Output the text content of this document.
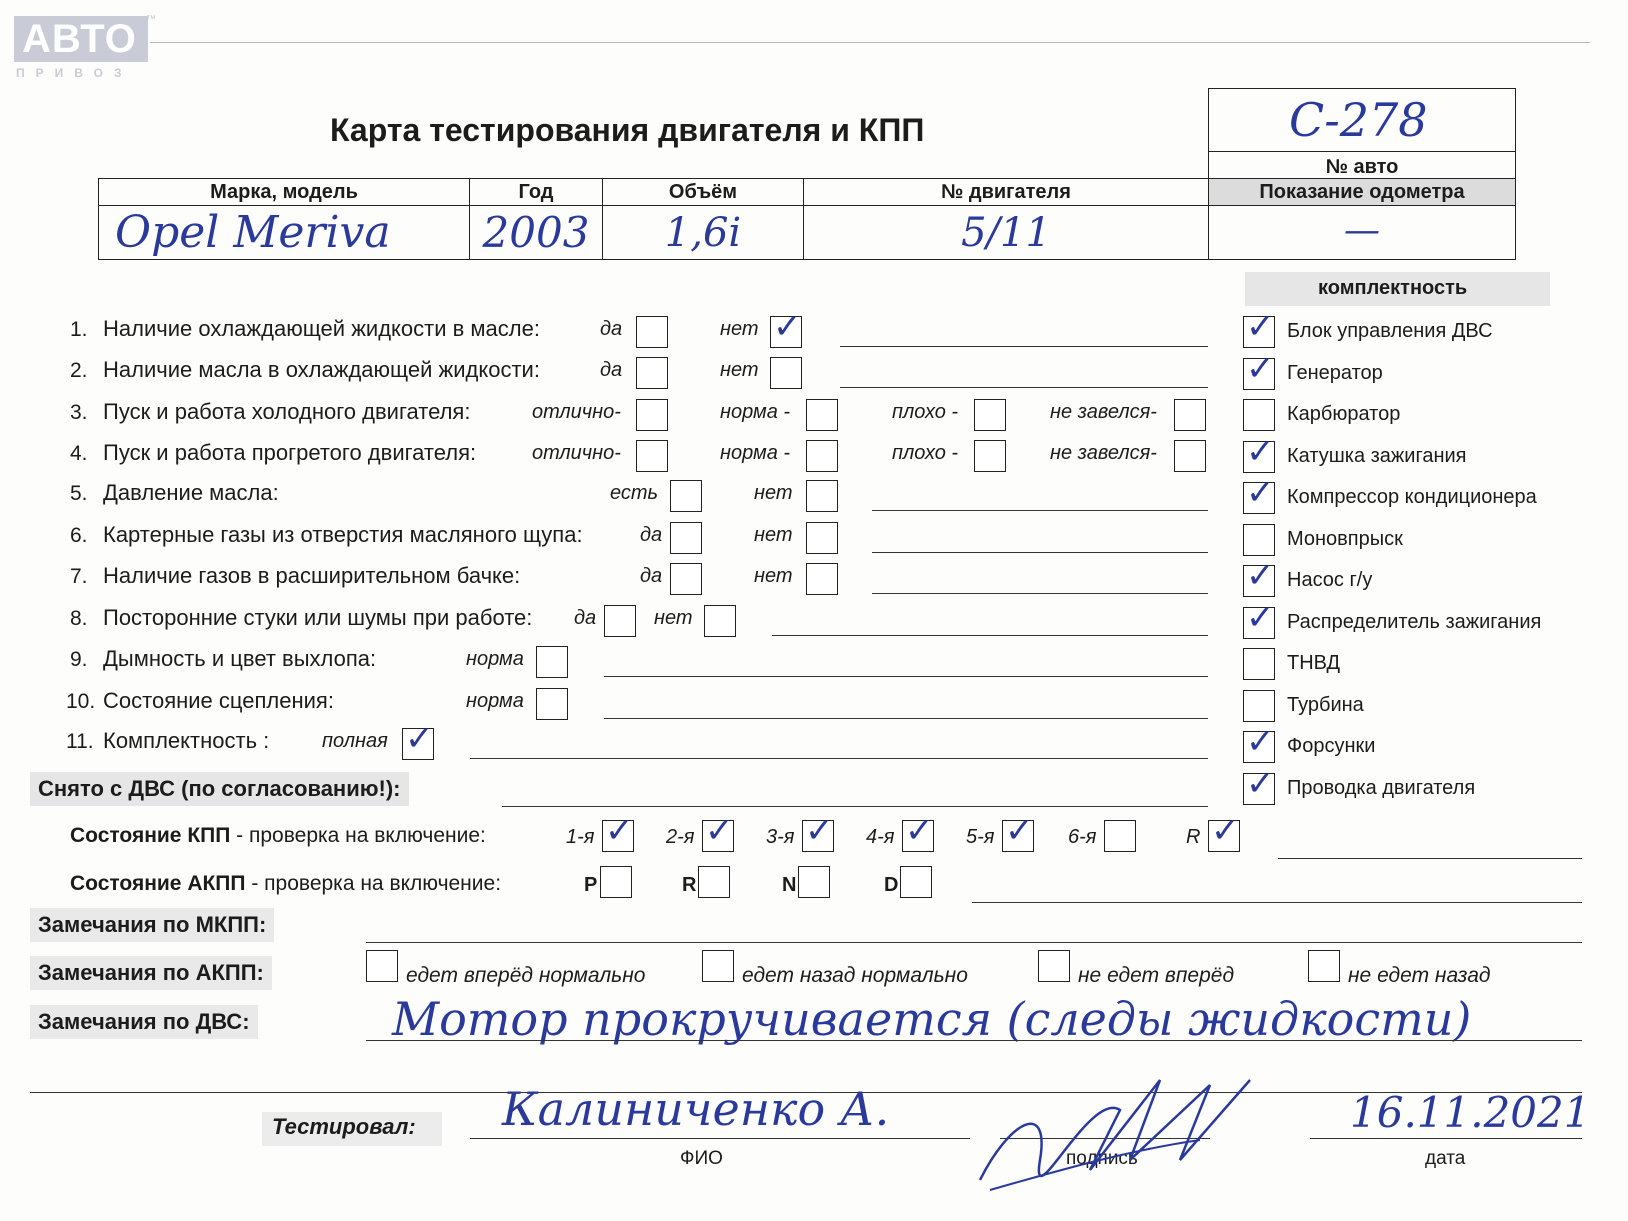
АВТО ™
ПРИВОЗ
Карта тестирования двигателя и КПП	С-278
№ авто
Марка, модель	Год	Объём	№ двигателя	Показание одометра
Opel Meriva	2003	1,6i	5/11	—
комплектность
✓ Блок управления ДВС
✓ Генератор
Карбюратор
✓ Катушка зажигания
✓ Компрессор кондиционера
Моновпрыск
✓ Насос г/у
✓ Распределитель зажигания
ТНВД
Турбина
✓ Форсунки
✓ Проводка двигателя
1. Наличие охлаждающей жидкости в масле:	да	нет ✓
2. Наличие масла в охлаждающей жидкости:	да	нет
3. Пуск и работа холодного двигателя:	отлично-	норма -	плохо -	не завелся-
4. Пуск и работа прогретого двигателя:	отлично-	норма -	плохо -	не завелся-
5. Давление масла:	есть	нет
6. Картерные газы из отверстия масляного щупа:	да	нет
7. Наличие газов в расширительном бачке:	да	нет
8. Посторонние стуки или шумы при работе: да	нет
9. Дымность и цвет выхлопа:	норма
10. Состояние сцепления:	норма
11. Комплектность :	полная ✓
Снято с ДВС (по согласованию!):
Состояние КПП - проверка на включение:	1-я ✓ 2-я ✓ 3-я ✓ 4-я ✓ 5-я ✓ 6-я	R ✓
Состояние АКПП - проверка на включение:	P	R	N	D
Замечания по МКПП:
Замечания по АКПП:	едет вперёд нормально	едет назад нормально	не едет вперёд	не едет назад
Замечания по ДВС:	Мотор прокручивается (следы жидкости)
Тестировал: Калиниченко А.
ФИО	подпись	дата
16.11.2021
